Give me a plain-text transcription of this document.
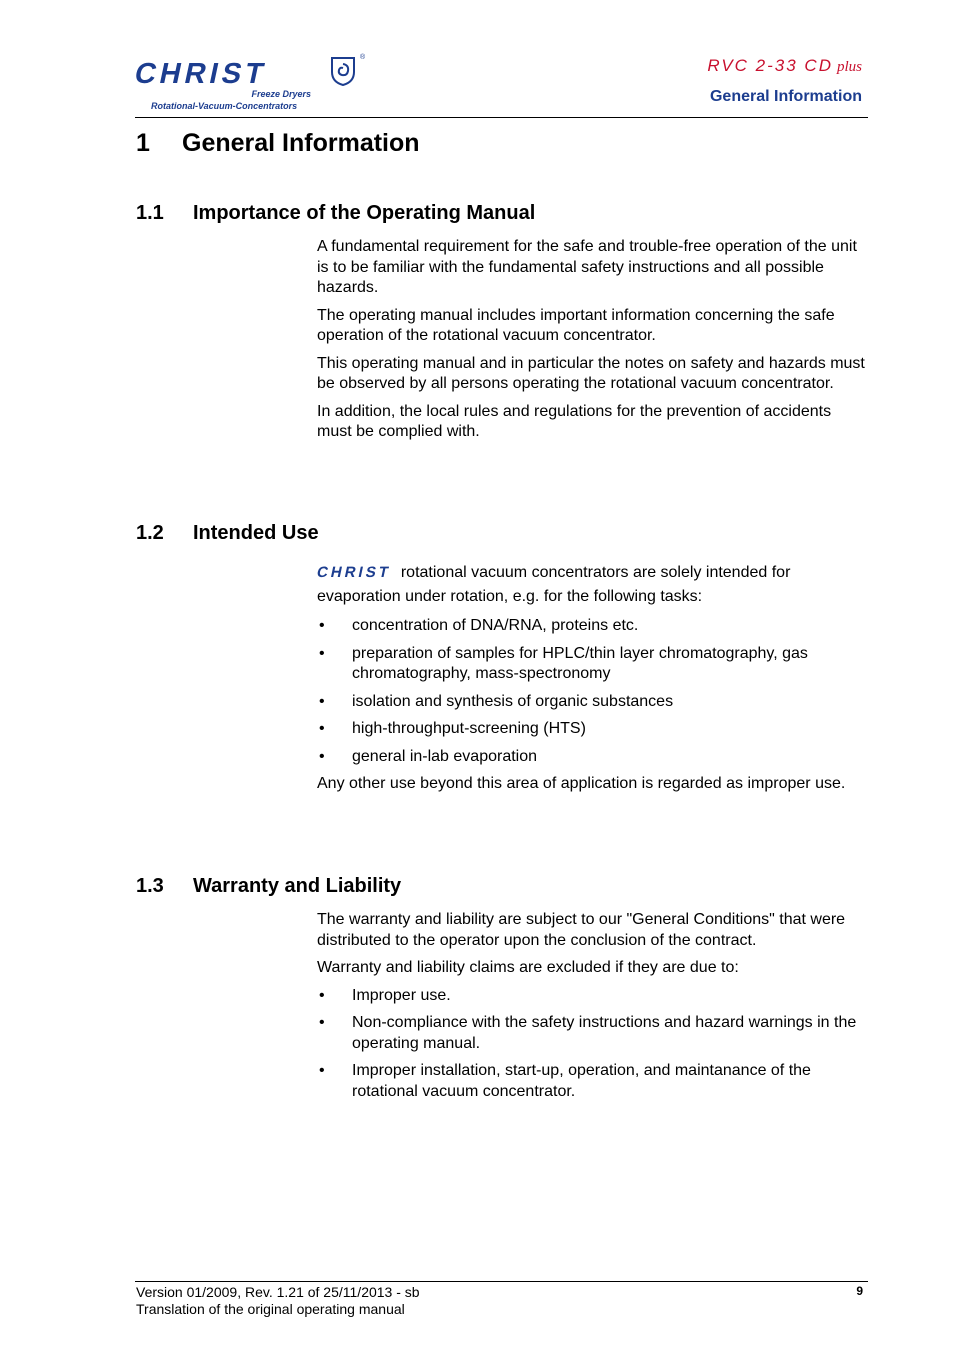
CHRIST
®
Freeze Dryers
Rotational-Vacuum-Concentrators
RVC 2-33 CD plus
General Information
1 General Information
1.1 Importance of the Operating Manual

A fundamental requirement for the safe and trouble-free operation of the unit is to be familiar with the fundamental safety instructions and all possible hazards.

The operating manual includes important information concerning the safe operation of the rotational vacuum concentrator.

This operating manual and in particular the notes on safety and hazards must be observed by all persons operating the rotational vacuum concentrator.

In addition, the local rules and regulations for the prevention of accidents must be complied with.

1.2 Intended Use

CHRIST rotational vacuum concentrators are solely intended for evaporation under rotation, e.g. for the following tasks:

• concentration of DNA/RNA, proteins etc.
• preparation of samples for HPLC/thin layer chromatography, gas chromatography, mass-spectronomy
• isolation and synthesis of organic substances
• high-throughput-screening (HTS)
• general in-lab evaporation

Any other use beyond this area of application is regarded as improper use.

1.3 Warranty and Liability

The warranty and liability are subject to our "General Conditions" that were distributed to the operator upon the conclusion of the contract.

Warranty and liability claims are excluded if they are due to:

• Improper use.
• Non-compliance with the safety instructions and hazard warnings in the operating manual.
• Improper installation, start-up, operation, and maintanance of the rotational vacuum concentrator.
Version 01/2009, Rev. 1.21 of 25/11/2013 - sb
Translation of the original operating manual
9
